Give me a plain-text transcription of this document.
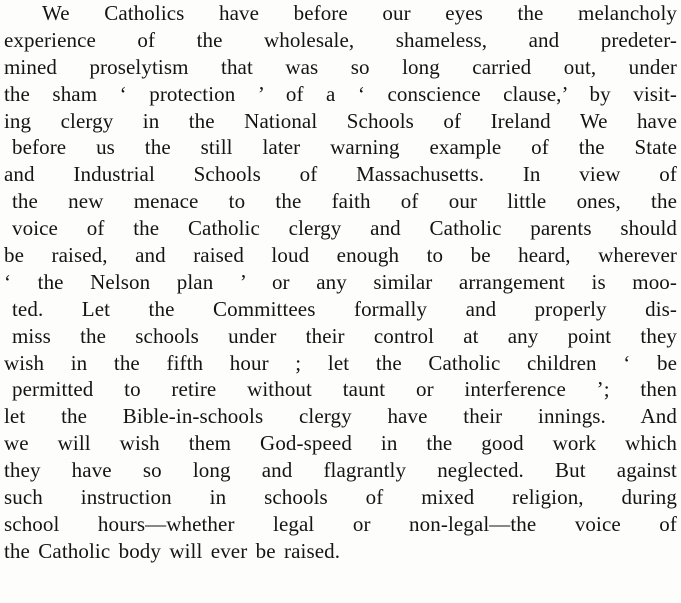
We Catholics have before our eyes the melancholy
experience of the wholesale, shameless, and predeter-
mined proselytism that was so long carried out, under
the sham ‘ protection ’ of a ‘ conscience clause,’ by visit-
ing clergy in the National Schools of Ireland We have
before us the still later warning example of the State
and Industrial Schools of Massachusetts. In view of
the new menace to the faith of our little ones, the
voice of the Catholic clergy and Catholic parents should
be raised, and raised loud enough to be heard, wherever
‘ the Nelson plan ’ or any similar arrangement is moo-
ted. Let the Committees formally and properly dis-
miss the schools under their control at any point they
wish in the fifth hour ; let the Catholic children ‘ be
permitted to retire without taunt or interference ’; then
let the Bible-in-schools clergy have their innings. And
we will wish them God-speed in the good work which
they have so long and flagrantly neglected. But against
such instruction in schools of mixed religion, during
school hours—whether legal or non-legal—the voice of
the Catholic body will ever be raised.
